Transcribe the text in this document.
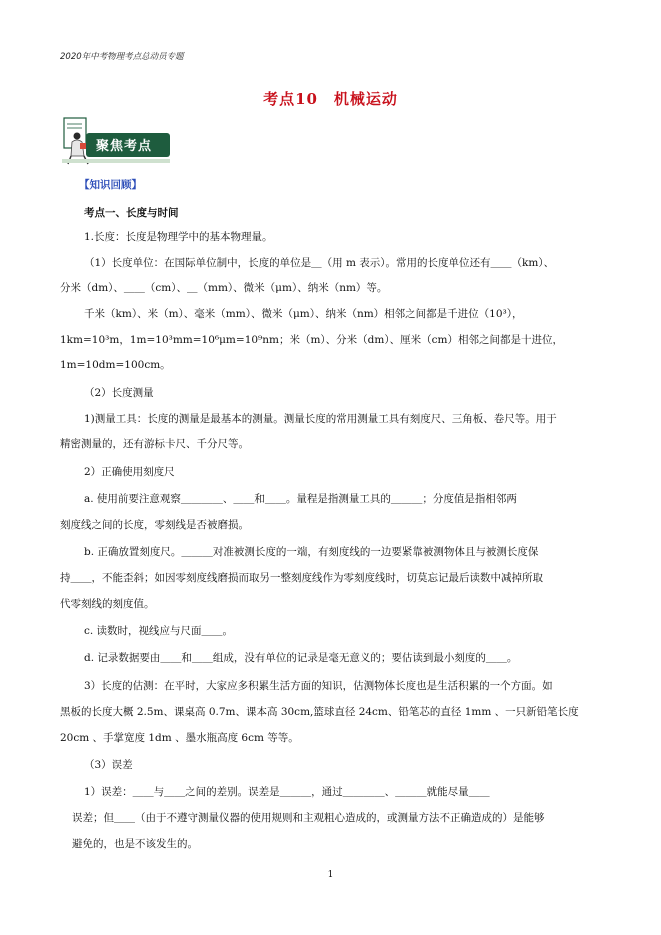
2020年中考物理考点总动员专题
考点10　机械运动
聚焦考点
【知识回顾】
考点一、长度与时间
1.长度：长度是物理学中的基本物理量。
（1）长度单位：在国际单位制中，长度的单位是＿（用 m 表示）。常用的长度单位还有＿＿（km）、
分米（dm）、＿＿（cm）、＿（mm）、微米（μm）、纳米（nm）等。
千米（km）、米（m）、毫米（mm）、微米（μm）、纳米（nm）相邻之间都是千进位（10³），
1km=10³m，1m=10³mm=10⁶μm=10⁹nm；米（m）、分米（dm）、厘米（cm）相邻之间都是十进位，
1m=10dm=100cm。
（2）长度测量
1)测量工具：长度的测量是最基本的测量。测量长度的常用测量工具有刻度尺、三角板、卷尺等。用于
精密测量的，还有游标卡尺、千分尺等。
2）正确使用刻度尺
a. 使用前要注意观察＿＿＿＿、＿＿和＿＿。量程是指测量工具的＿＿＿；分度值是指相邻两
刻度线之间的长度，零刻线是否被磨损。
b. 正确放置刻度尺。＿＿＿对准被测长度的一端，有刻度线的一边要紧靠被测物体且与被测长度保
持＿＿，不能歪斜；如因零刻度线磨损而取另一整刻度线作为零刻度线时，切莫忘记最后读数中减掉所取
代零刻线的刻度值。
c. 读数时，视线应与尺面＿＿。
d. 记录数据要由＿＿和＿＿组成，没有单位的记录是毫无意义的；要估读到最小刻度的＿＿。
3）长度的估测：在平时，大家应多积累生活方面的知识，估测物体长度也是生活积累的一个方面。如
黑板的长度大概 2.5m、课桌高 0.7m、课本高 30cm,篮球直径 24cm、铅笔芯的直径 1mm 、一只新铅笔长度
20cm 、手掌宽度 1dm 、墨水瓶高度 6cm 等等。
（3）误差
1）误差：＿＿与＿＿之间的差别。误差是＿＿＿，通过＿＿＿＿、＿＿＿就能尽量＿＿
误差；但＿＿（由于不遵守测量仪器的使用规则和主观粗心造成的，或测量方法不正确造成的）是能够
避免的，也是不该发生的。
1
